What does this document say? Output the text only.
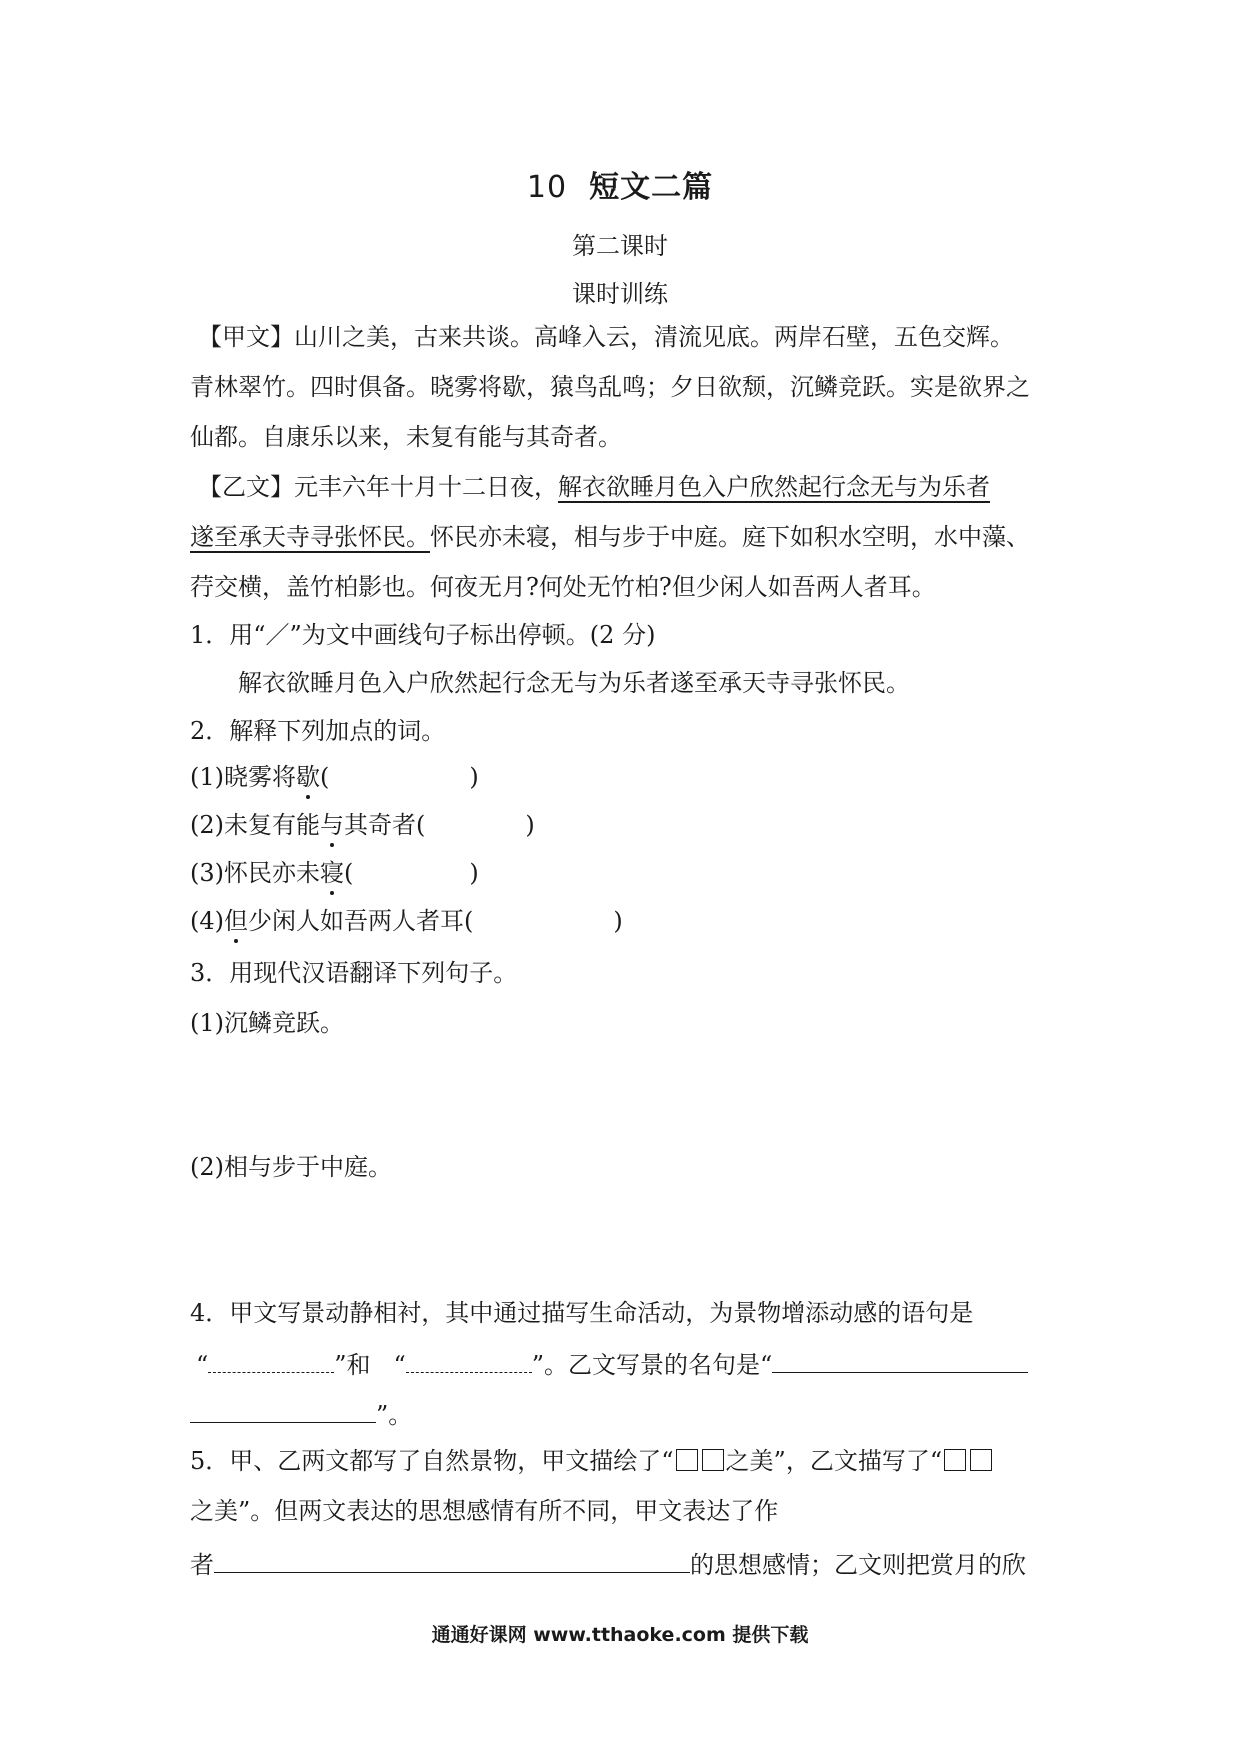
10 短文二篇
第二课时
课时训练
【甲文】山川之美，古来共谈。高峰入云，清流见底。两岸石壁，五色交辉。
青林翠竹。四时俱备。晓雾将歇，猿鸟乱鸣；夕日欲颓，沉鳞竞跃。实是欲界之
仙都。自康乐以来，未复有能与其奇者。
【乙文】元丰六年十月十二日夜，解衣欲睡月色入户欣然起行念无与为乐者
遂至承天寺寻张怀民。怀民亦未寝，相与步于中庭。庭下如积水空明，水中藻、
荇交横，盖竹柏影也。何夜无月?何处无竹柏?但少闲人如吾两人者耳。
1．用“／”为文中画线句子标出停顿。(2 分)
解衣欲睡月色入户欣然起行念无与为乐者遂至承天寺寻张怀民。
2．解释下列加点的词。
(1)晓雾将歇(	)
(2)未复有能与其奇者(	)
(3)怀民亦未寝(	)
(4)但少闲人如吾两人者耳(	)
3．用现代汉语翻译下列句子。
(1)沉鳞竞跃。
(2)相与步于中庭。
4．甲文写景动静相衬，其中通过描写生命活动，为景物增添动感的语句是
“	”和 “	”。乙文写景的名句是“
”。
5．甲、乙两文都写了自然景物，甲文描绘了“ 之美”，乙文描写了“
之美”。但两文表达的思想感情有所不同，甲文表达了作
者	的思想感情；乙文则把赏月的欣
通通好课网 www.tthaoke.com 提供下载
